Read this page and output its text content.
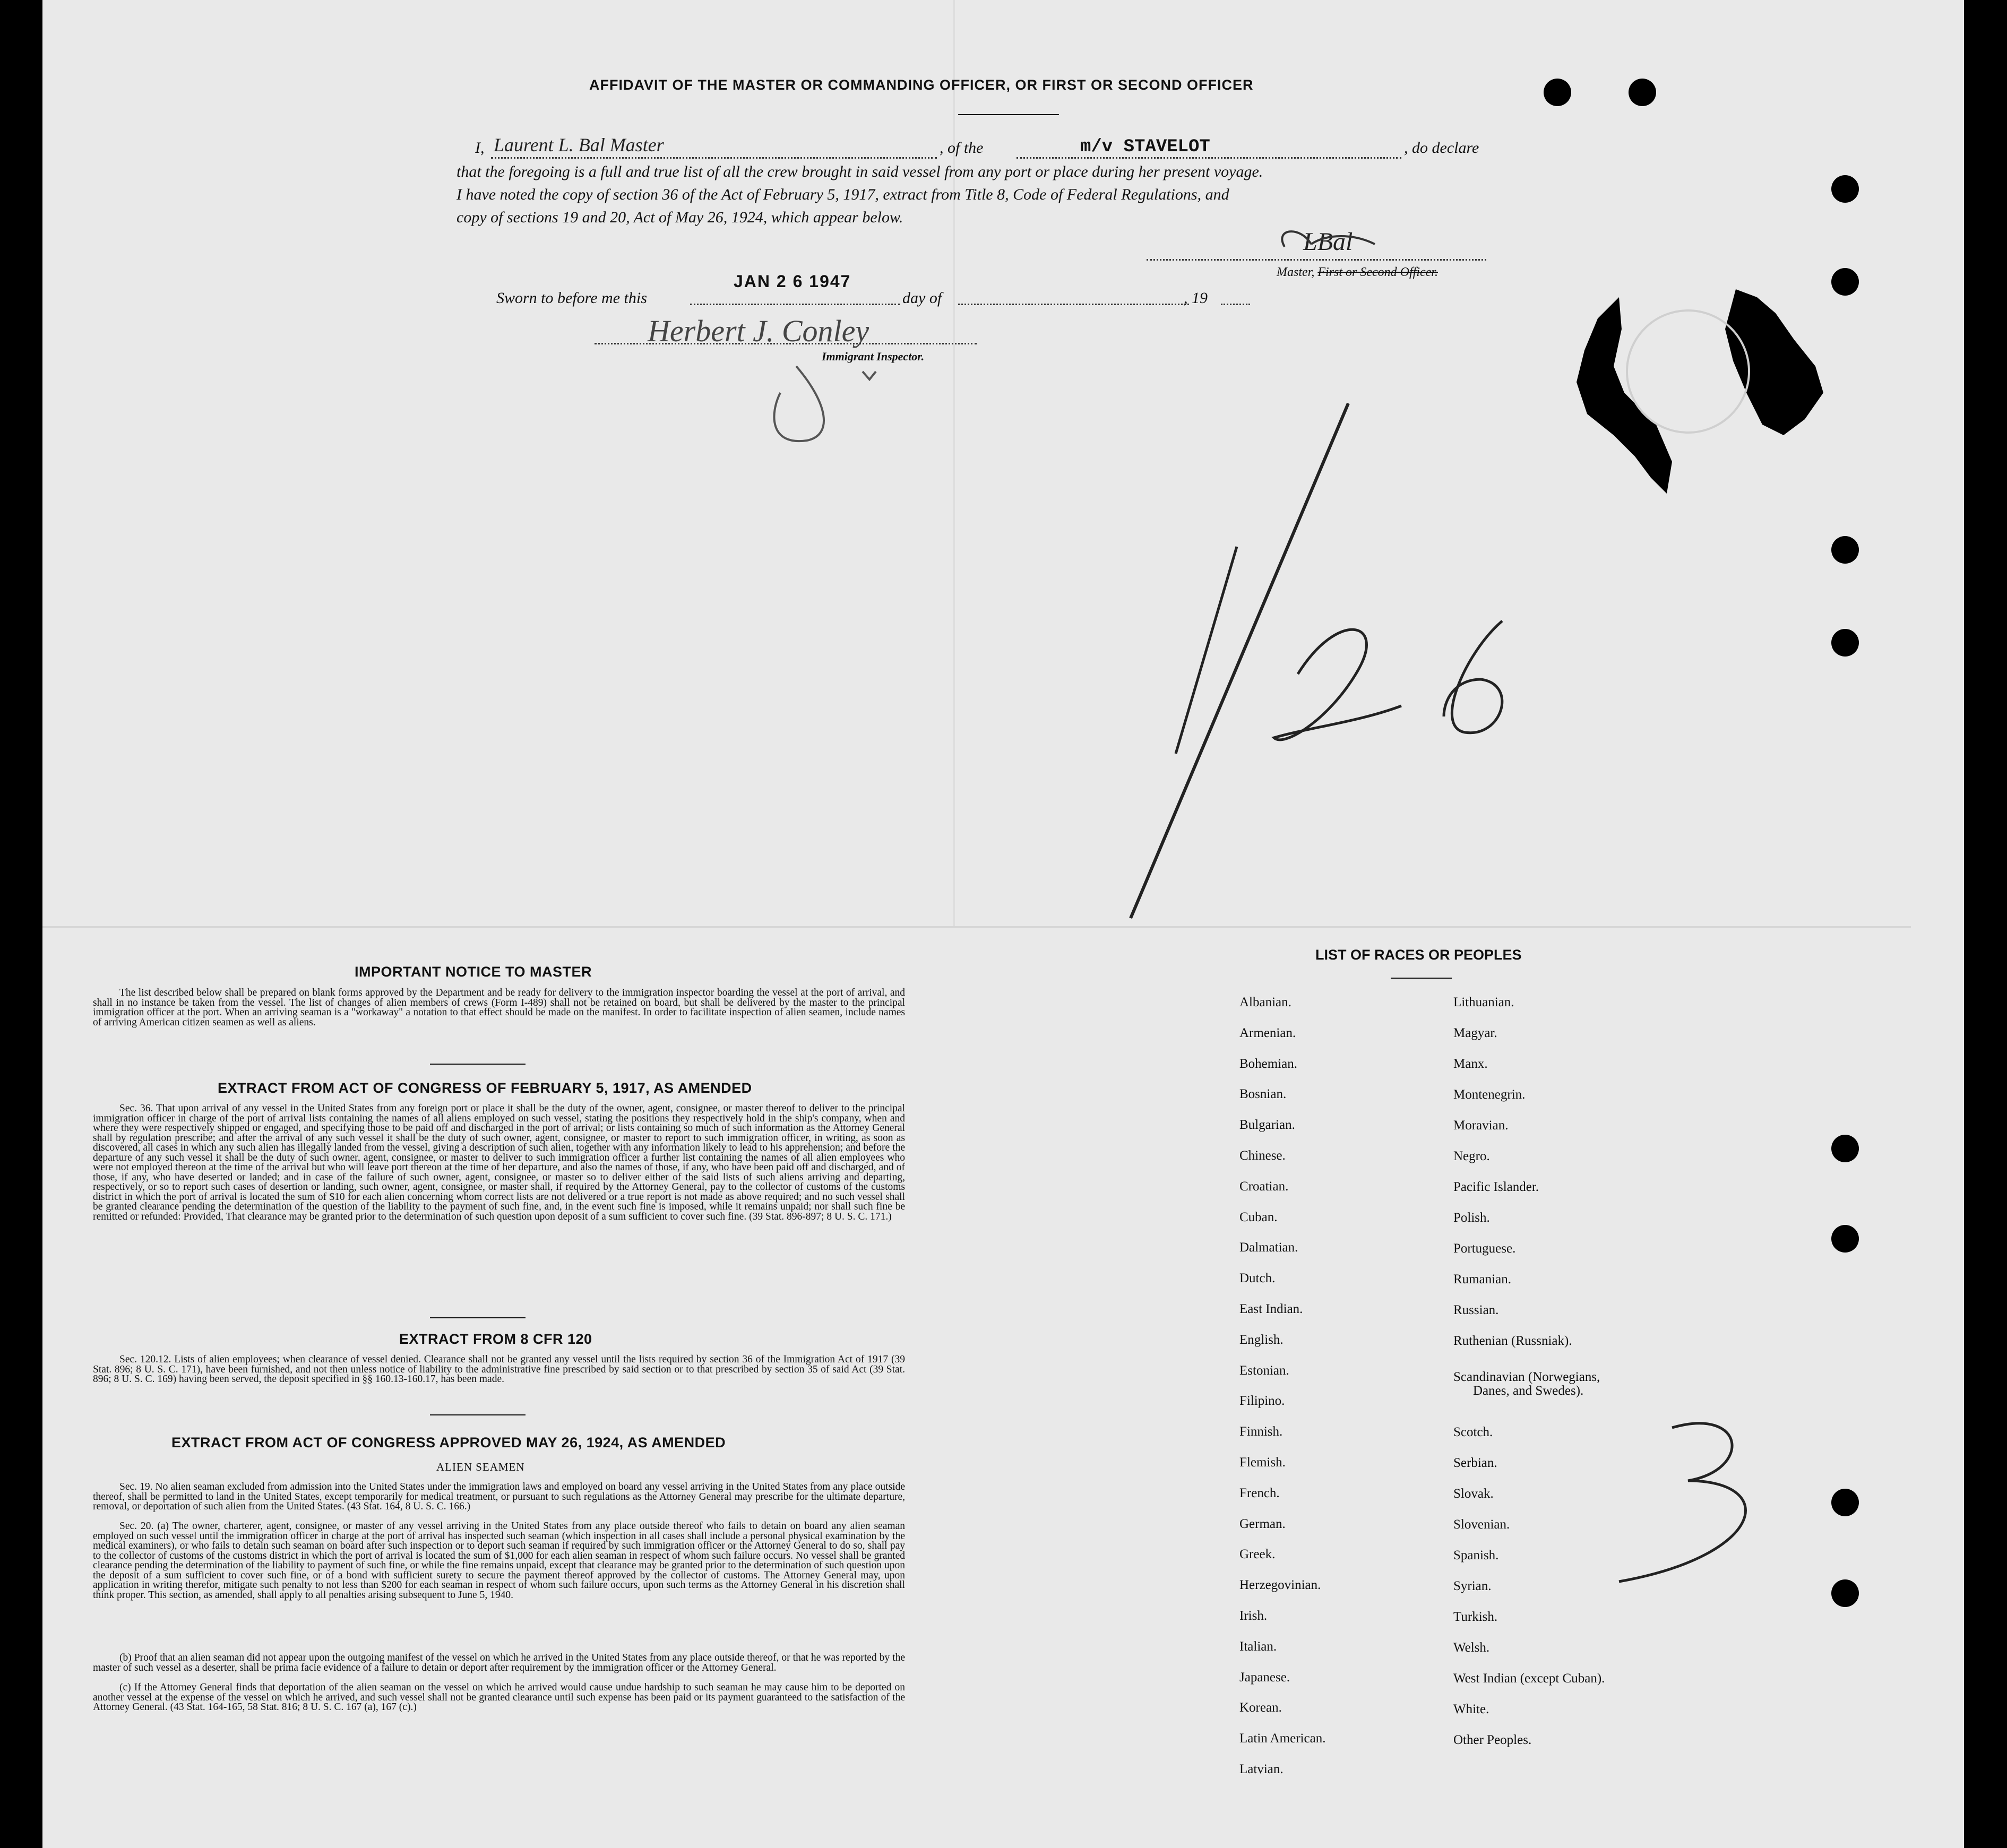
AFFIDAVIT OF THE MASTER OR COMMANDING OFFICER, OR FIRST OR SECOND OFFICER
I, Laurent L. Bal Master	, of the	m/v STAVELOT	, do declare
that the foregoing is a full and true list of all the crew brought in said vessel from any port or place during her present voyage.
I have noted the copy of section 36 of the Act of February 5, 1917, extract from Title 8, Code of Federal Regulations, and
copy of sections 19 and 20, Act of May 26, 1924, which appear below.
LBal
Master, First or Second Officer.
Sworn to before me this
JAN 2 6 1947
day of	, 19
Herbert J. Conley
Immigrant Inspector.
IMPORTANT NOTICE TO MASTER
The list described below shall be prepared on blank forms approved by the Department and be ready for delivery to the immigration inspector boarding the vessel at the port of arrival, and shall in no instance be taken from the vessel. The list of changes of alien members of crews (Form I-489) shall not be retained on board, but shall be delivered by the master to the principal immigration officer at the port. When an arriving seaman is a "workaway" a notation to that effect should be made on the manifest. In order to facilitate inspection of alien seamen, include names of arriving American citizen seamen as well as aliens.
EXTRACT FROM ACT OF CONGRESS OF FEBRUARY 5, 1917, AS AMENDED
Sec. 36. That upon arrival of any vessel in the United States from any foreign port or place it shall be the duty of the owner, agent, consignee, or master thereof to deliver to the principal immigration officer in charge of the port of arrival lists containing the names of all aliens employed on such vessel, stating the positions they respectively hold in the ship's company, when and where they were respectively shipped or engaged, and specifying those to be paid off and discharged in the port of arrival; or lists containing so much of such information as the Attorney General shall by regulation prescribe; and after the arrival of any such vessel it shall be the duty of such owner, agent, consignee, or master to report to such immigration officer, in writing, as soon as discovered, all cases in which any such alien has illegally landed from the vessel, giving a description of such alien, together with any information likely to lead to his apprehension; and before the departure of any such vessel it shall be the duty of such owner, agent, consignee, or master to deliver to such immigration officer a further list containing the names of all alien employees who were not employed thereon at the time of the arrival but who will leave port thereon at the time of her departure, and also the names of those, if any, who have been paid off and discharged, and of those, if any, who have deserted or landed; and in case of the failure of such owner, agent, consignee, or master so to deliver either of the said lists of such aliens arriving and departing, respectively, or so to report such cases of desertion or landing, such owner, agent, consignee, or master shall, if required by the Attorney General, pay to the collector of customs of the customs district in which the port of arrival is located the sum of $10 for each alien concerning whom correct lists are not delivered or a true report is not made as above required; and no such vessel shall be granted clearance pending the determination of the question of the liability to the payment of such fine, and, in the event such fine is imposed, while it remains unpaid; nor shall such fine be remitted or refunded: Provided, That clearance may be granted prior to the determination of such question upon deposit of a sum sufficient to cover such fine. (39 Stat. 896-897; 8 U. S. C. 171.)
EXTRACT FROM 8 CFR 120
Sec. 120.12. Lists of alien employees; when clearance of vessel denied. Clearance shall not be granted any vessel until the lists required by section 36 of the Immigration Act of 1917 (39 Stat. 896; 8 U. S. C. 171), have been furnished, and not then unless notice of liability to the administrative fine prescribed by said section or to that prescribed by section 35 of said Act (39 Stat. 896; 8 U. S. C. 169) having been served, the deposit specified in §§ 160.13-160.17, has been made.
EXTRACT FROM ACT OF CONGRESS APPROVED MAY 26, 1924, AS AMENDED
ALIEN SEAMEN
Sec. 19. No alien seaman excluded from admission into the United States under the immigration laws and employed on board any vessel arriving in the United States from any place outside thereof, shall be permitted to land in the United States, except temporarily for medical treatment, or pursuant to such regulations as the Attorney General may prescribe for the ultimate departure, removal, or deportation of such alien from the United States. (43 Stat. 164, 8 U. S. C. 166.)
Sec. 20. (a) The owner, charterer, agent, consignee, or master of any vessel arriving in the United States from any place outside thereof who fails to detain on board any alien seaman employed on such vessel until the immigration officer in charge at the port of arrival has inspected such seaman (which inspection in all cases shall include a personal physical examination by the medical examiners), or who fails to detain such seaman on board after such inspection or to deport such seaman if required by such immigration officer or the Attorney General to do so, shall pay to the collector of customs of the customs district in which the port of arrival is located the sum of $1,000 for each alien seaman in respect of whom such failure occurs. No vessel shall be granted clearance pending the determination of the liability to payment of such fine, or while the fine remains unpaid, except that clearance may be granted prior to the determination of such question upon the deposit of a sum sufficient to cover such fine, or of a bond with sufficient surety to secure the payment thereof approved by the collector of customs. The Attorney General may, upon application in writing therefor, mitigate such penalty to not less than $200 for each seaman in respect of whom such failure occurs, upon such terms as the Attorney General in his discretion shall think proper. This section, as amended, shall apply to all penalties arising subsequent to June 5, 1940.
(b) Proof that an alien seaman did not appear upon the outgoing manifest of the vessel on which he arrived in the United States from any place outside thereof, or that he was reported by the master of such vessel as a deserter, shall be prima facie evidence of a failure to detain or deport after requirement by the immigration officer or the Attorney General.
(c) If the Attorney General finds that deportation of the alien seaman on the vessel on which he arrived would cause undue hardship to such seaman he may cause him to be deported on another vessel at the expense of the vessel on which he arrived, and such vessel shall not be granted clearance until such expense has been paid or its payment guaranteed to the satisfaction of the Attorney General. (43 Stat. 164-165, 58 Stat. 816; 8 U. S. C. 167 (a), 167 (c).)
LIST OF RACES OR PEOPLES
Albanian.
Armenian.
Bohemian.
Bosnian.
Bulgarian.
Chinese.
Croatian.
Cuban.
Dalmatian.
Dutch.
East Indian.
English.
Estonian.
Filipino.
Finnish.
Flemish.
French.
German.
Greek.
Herzegovinian.
Irish.
Italian.
Japanese.
Korean.
Latin American.
Latvian.
Lithuanian.
Magyar.
Manx.
Montenegrin.
Moravian.
Negro.
Pacific Islander.
Polish.
Portuguese.
Rumanian.
Russian.
Ruthenian (Russniak).
Scandinavian (Norwegians,
Danes, and Swedes).
Scotch.
Serbian.
Slovak.
Slovenian.
Spanish.
Syrian.
Turkish.
Welsh.
West Indian (except Cuban).
White.
Other Peoples.
